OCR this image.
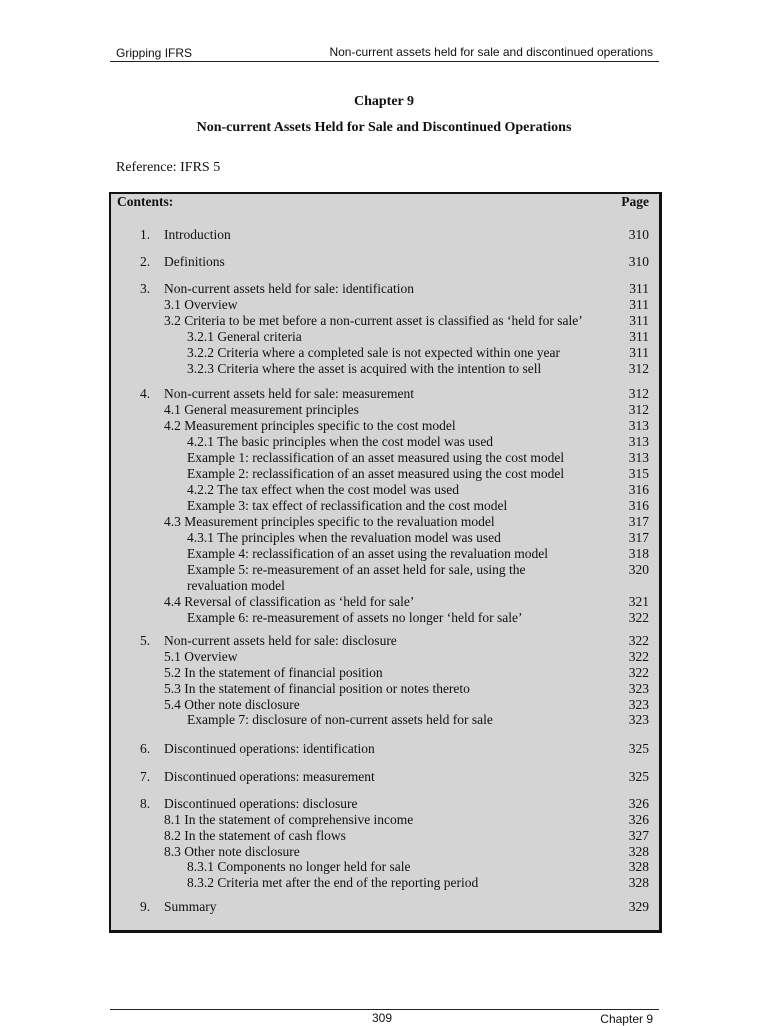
Gripping IFRS	Non-current assets held for sale and discontinued operations
Chapter 9
Non-current Assets Held for Sale and Discontinued Operations
Reference: IFRS 5
Contents:	Page
1. Introduction	310
2. Definitions	310
3. Non-current assets held for sale: identification	311
3.1 Overview	311
3.2 Criteria to be met before a non-current asset is classified as ‘held for sale’	311
3.2.1 General criteria	311
3.2.2 Criteria where a completed sale is not expected within one year	311
3.2.3 Criteria where the asset is acquired with the intention to sell	312
4. Non-current assets held for sale: measurement	312
4.1 General measurement principles	312
4.2 Measurement principles specific to the cost model	313
4.2.1 The basic principles when the cost model was used	313
Example 1: reclassification of an asset measured using the cost model	313
Example 2: reclassification of an asset measured using the cost model	315
4.2.2 The tax effect when the cost model was used	316
Example 3: tax effect of reclassification and the cost model	316
4.3 Measurement principles specific to the revaluation model	317
4.3.1 The principles when the revaluation model was used	317
Example 4: reclassification of an asset using the revaluation model	318
Example 5: re-measurement of an asset held for sale, using the	320
revaluation model
4.4 Reversal of classification as ‘held for sale’	321
Example 6: re-measurement of assets no longer ‘held for sale’	322
5. Non-current assets held for sale: disclosure	322
5.1 Overview	322
5.2 In the statement of financial position	322
5.3 In the statement of financial position or notes thereto	323
5.4 Other note disclosure	323
Example 7: disclosure of non-current assets held for sale	323
6. Discontinued operations: identification	325
7. Discontinued operations: measurement	325
8. Discontinued operations: disclosure	326
8.1 In the statement of comprehensive income	326
8.2 In the statement of cash flows	327
8.3 Other note disclosure	328
8.3.1 Components no longer held for sale	328
8.3.2 Criteria met after the end of the reporting period	328
9. Summary	329
309	Chapter 9
